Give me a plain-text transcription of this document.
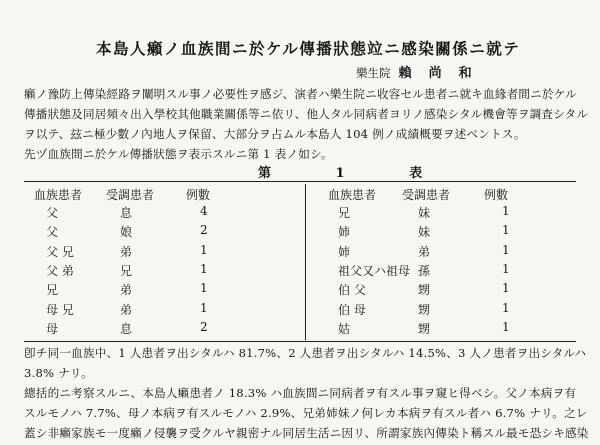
本島人癩ノ血族間ニ於ケル傳播狀態竝ニ感染關係ニ就テ
樂生院 賴尚和
癩ノ豫防上傳染經路ヲ闡明スル事ノ必要性ヲ感ジ、演者ハ樂生院ニ收容セル患者ニ就キ血緣者間ニ於ケル
傳播狀態及同居頻々出入學校其他職業關係等ニ依リ、他人タル同病者ヨリノ感染シタル機會等ヲ調査シタル
ヲ以テ、玆ニ極少數ノ內地人ヲ保留、大部分ヲ占ムル本島人 104 例ノ成績概要ヲ述ベントス。
先ヅ血族間ニ於ケル傳播狀態ヲ表示スルニ第 1 表ノ如シ。
第 1 表
血族患者 受調患者	例數	血族患者 受調患者	例數
父	息	4
父	娘	2
父 兄	弟	1
父 弟	兄	1
兄	弟	1
母 兄	弟	1
母	息	2
兄	妹	1
姉	妹	1
姉	弟	1
祖父又ハ祖母 孫	1
伯 父	甥	1
伯 母	甥	1
姑	甥	1
卽チ同一血族中、1 人患者ヲ出シタルハ 81.7%、2 人患者ヲ出シタルハ 14.5%、3 人ノ患者ヲ出シタルハ
3.8% ナリ。
總括的ニ考察スルニ、本島人癩患者ノ 18.3% ハ血族間ニ同病者ヲ有スル事ヲ窺ヒ得ベシ。父ノ本病ヲ有
スルモノハ 7.7%、母ノ本病ヲ有スルモノハ 2.9%、兄弟姉妹ノ何レカ本病ヲ有スル者ハ 6.7% ナリ。之レ
蓋シ非癩家族モ一度癩ノ侵襲ヲ受クルヤ親密ナル同居生活ニ因リ、所謂家族內傳染ト稱スル最モ恐シキ感染
